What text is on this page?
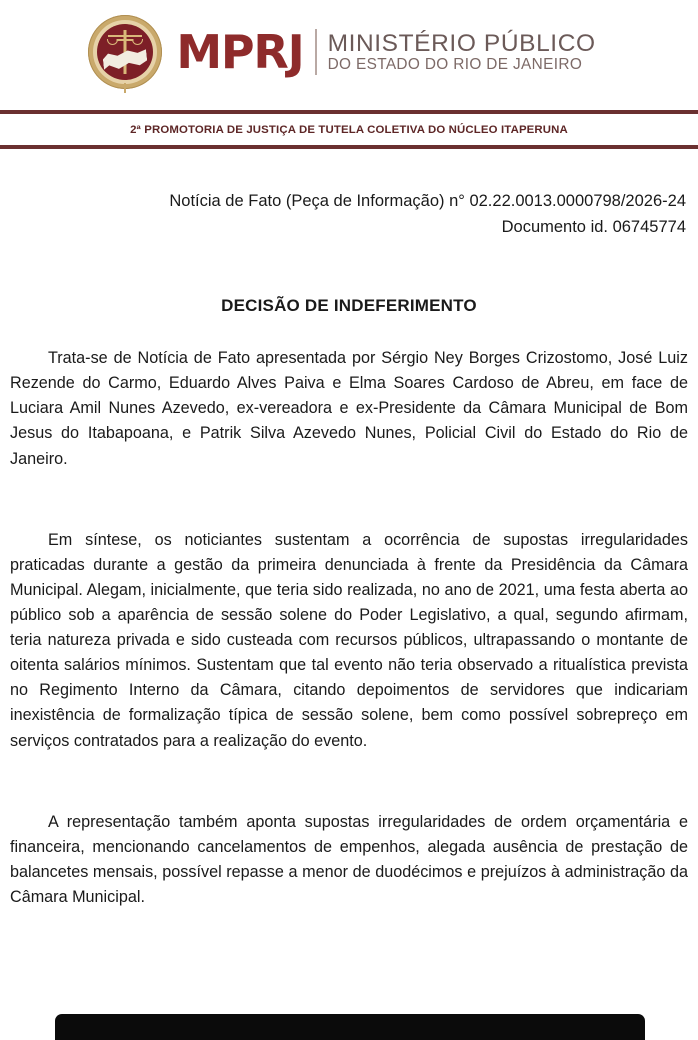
MPRJ MINISTÉRIO PÚBLICO
DO ESTADO DO RIO DE JANEIRO
2ª PROMOTORIA DE JUSTIÇA DE TUTELA COLETIVA DO NÚCLEO ITAPERUNA
Notícia de Fato (Peça de Informação) n° 02.22.0013.0000798/2026-24
Documento id. 06745774
DECISÃO DE INDEFERIMENTO

Trata-se de Notícia de Fato apresentada por Sérgio Ney Borges Crizostomo, José Luiz Rezende do Carmo, Eduardo Alves Paiva e Elma Soares Cardoso de Abreu, em face de Luciara Amil Nunes Azevedo, ex-vereadora e ex-Presidente da Câmara Municipal de Bom Jesus do Itabapoana, e Patrik Silva Azevedo Nunes, Policial Civil do Estado do Rio de Janeiro.

Em síntese, os noticiantes sustentam a ocorrência de supostas irregularidades praticadas durante a gestão da primeira denunciada à frente da Presidência da Câmara Municipal. Alegam, inicialmente, que teria sido realizada, no ano de 2021, uma festa aberta ao público sob a aparência de sessão solene do Poder Legislativo, a qual, segundo afirmam, teria natureza privada e sido custeada com recursos públicos, ultrapassando o montante de oitenta salários mínimos. Sustentam que tal evento não teria observado a ritualística prevista no Regimento Interno da Câmara, citando depoimentos de servidores que indicariam inexistência de formalização típica de sessão solene, bem como possível sobrepreço em serviços contratados para a realização do evento.

A representação também aponta supostas irregularidades de ordem orçamentária e financeira, mencionando cancelamentos de empenhos, alegada ausência de prestação de balancetes mensais, possível repasse a menor de duodécimos e prejuízos à administração da Câmara Municipal.
